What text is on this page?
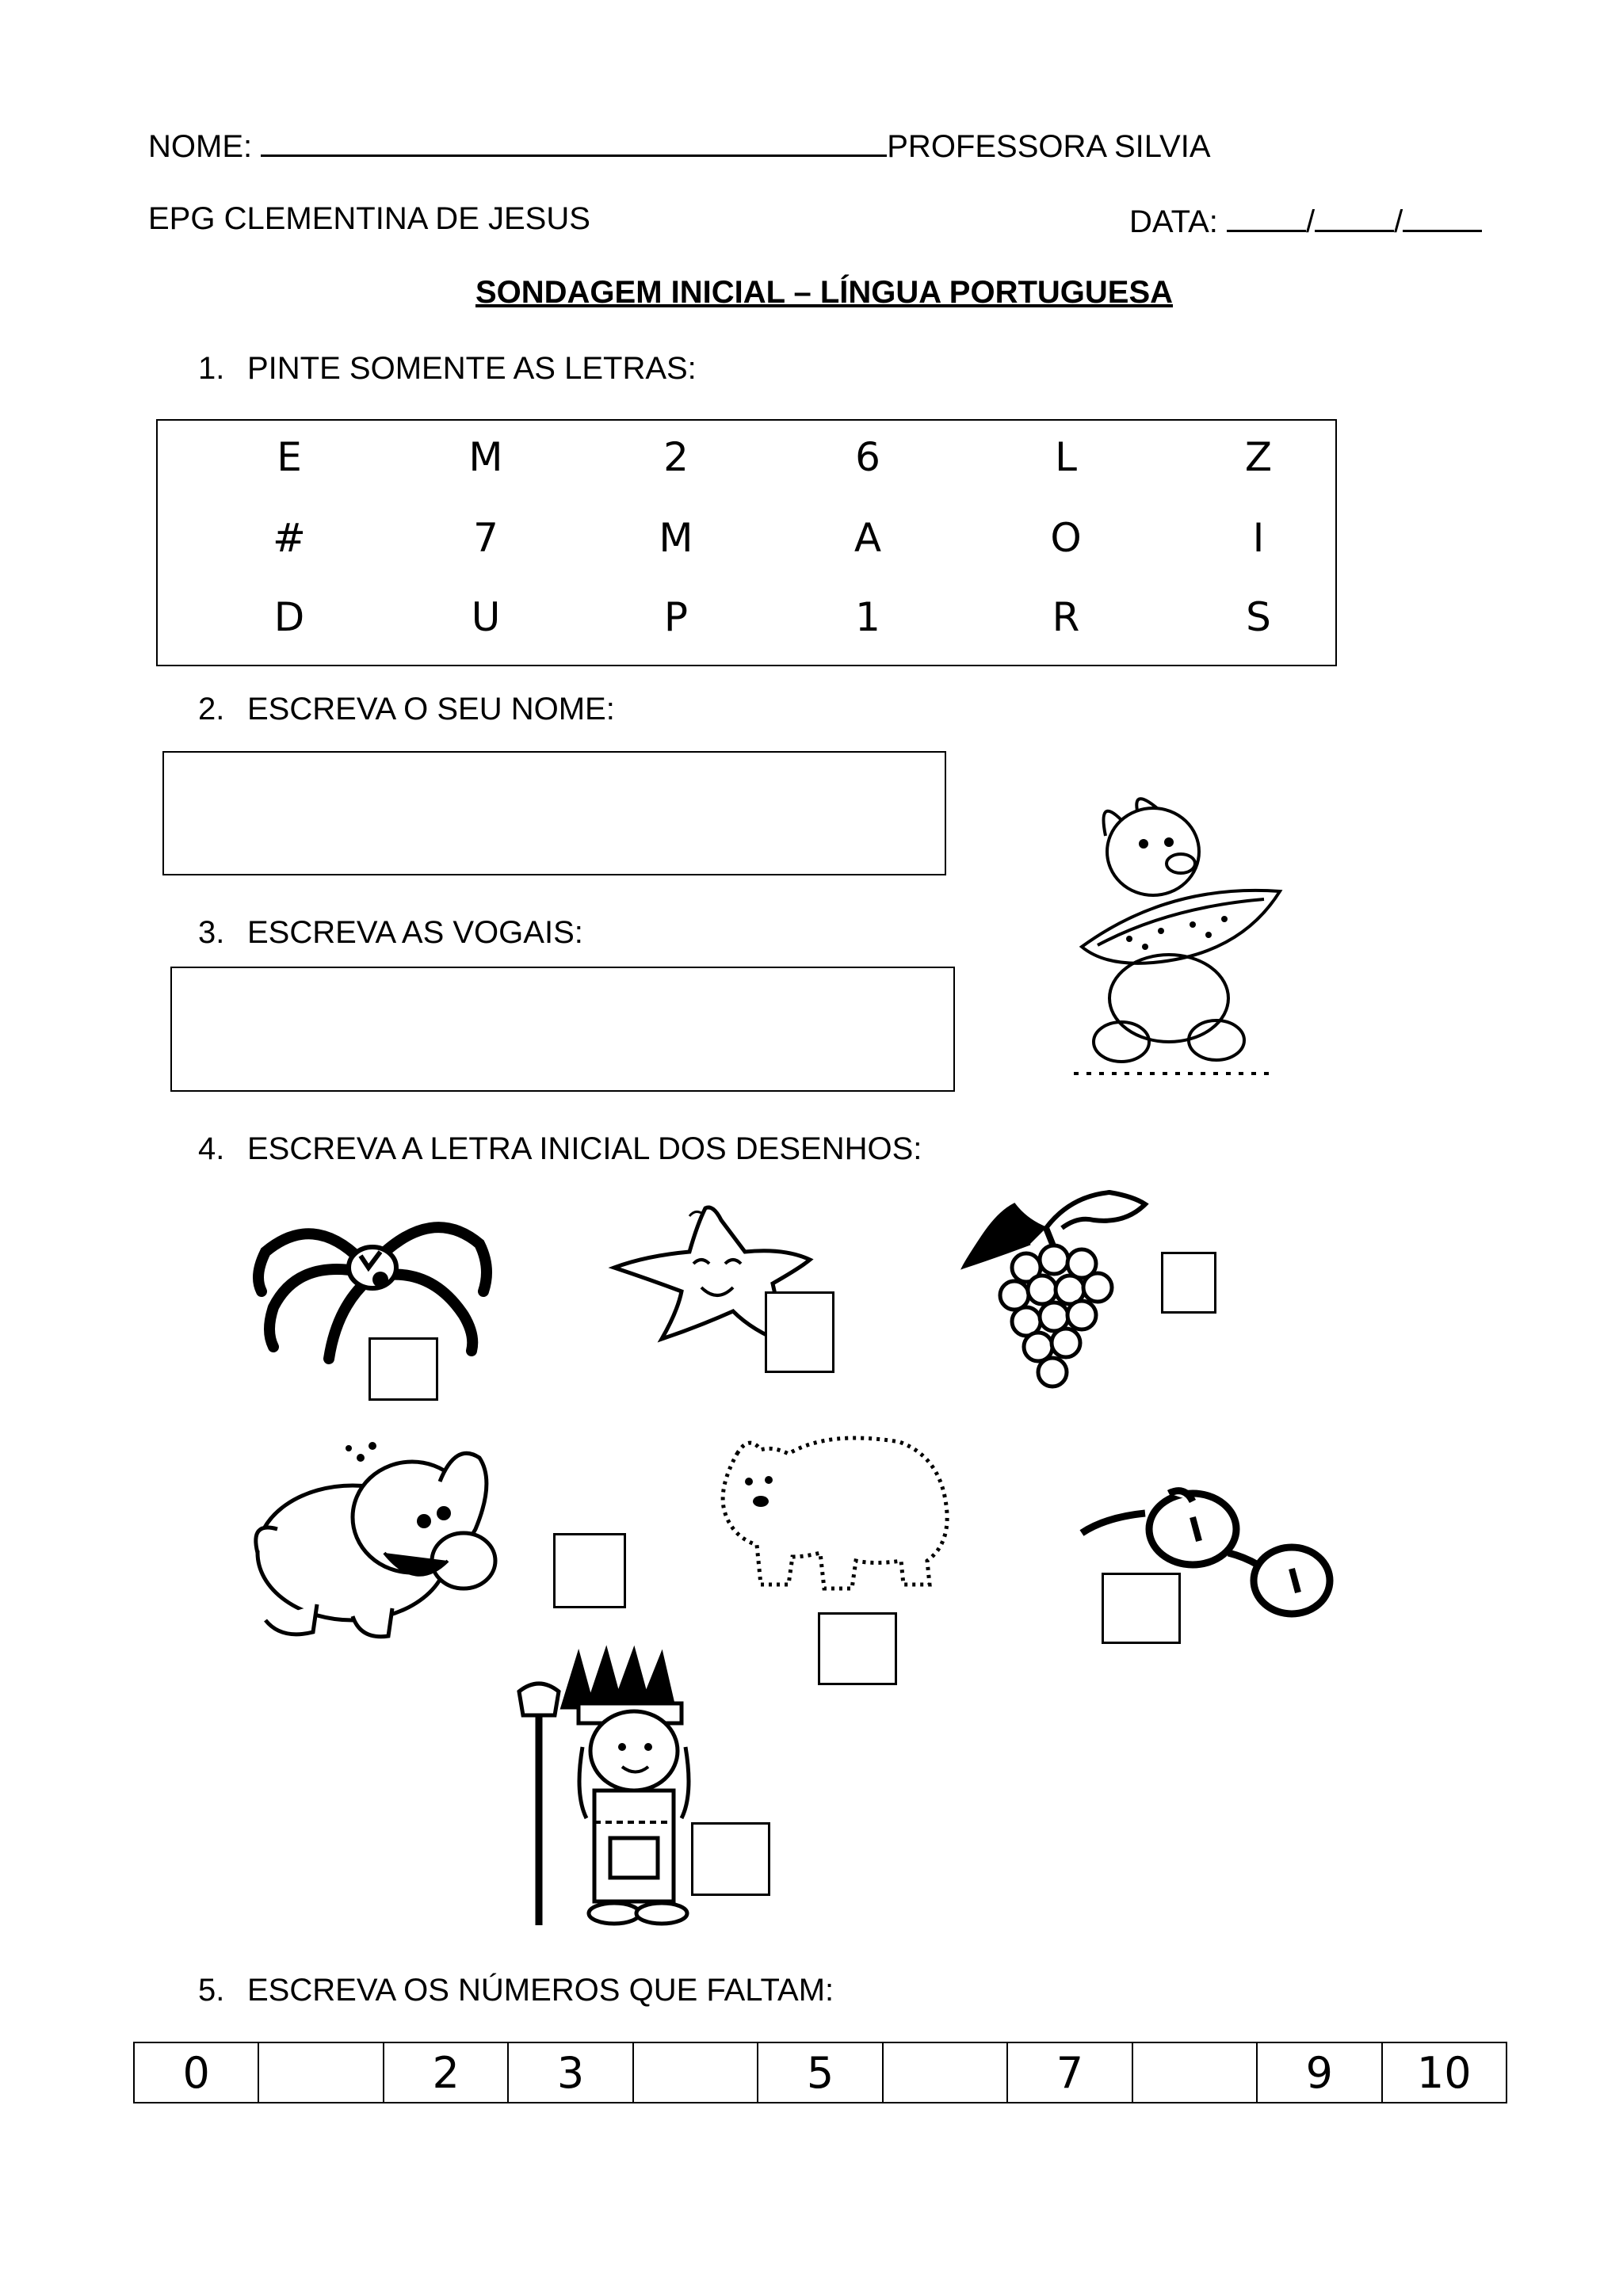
NOME:	PROFESSORA SILVIA
EPG CLEMENTINA DE JESUS	DATA:	/	/
SONDAGEM INICIAL – LÍNGUA PORTUGUESA
1. PINTE SOMENTE AS LETRAS:
E	M	2	6	L	Z
#	7	M	A	O	I
D	U	P	1	R	S
2. ESCREVA O SEU NOME:
3. ESCREVA AS VOGAIS:
4. ESCREVA A LETRA INICIAL DOS DESENHOS:
5. ESCREVA OS NÚMEROS QUE FALTAM:
0		2	3		5		7		9	10
